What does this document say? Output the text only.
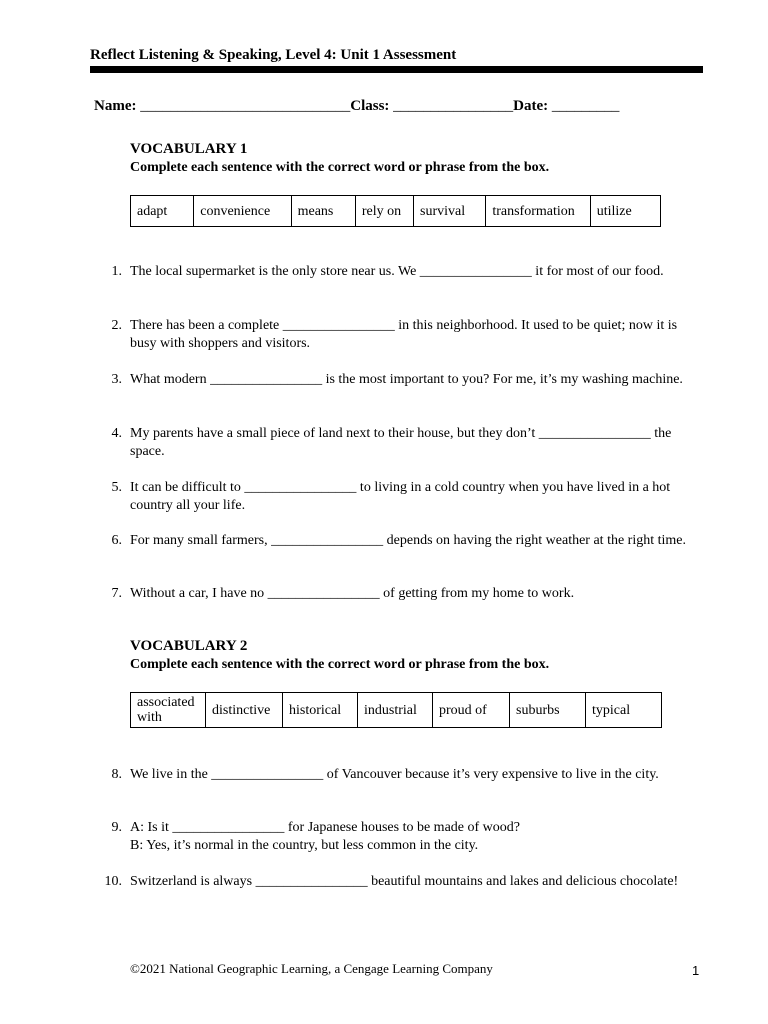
Reflect Listening & Speaking, Level 4: Unit 1 Assessment
Name: ____________________________Class: ________________Date: _________
VOCABULARY 1
Complete each sentence with the correct word or phrase from the box.
adapt	convenience	means	rely on	survival	transformation	utilize
1. The local supermarket is the only store near us. We ________________ it for most of our food.
2. There has been a complete ________________ in this neighborhood. It used to be quiet; now it is busy with shoppers and visitors.
3. What modern ________________ is the most important to you? For me, it’s my washing machine.
4. My parents have a small piece of land next to their house, but they don’t ________________ the space.
5. It can be difficult to ________________ to living in a cold country when you have lived in a hot country all your life.
6. For many small farmers, ________________ depends on having the right weather at the right time.
7. Without a car, I have no ________________ of getting from my home to work.
VOCABULARY 2
Complete each sentence with the correct word or phrase from the box.
associated with	distinctive	historical	industrial	proud of	suburbs	typical
8. We live in the ________________ of Vancouver because it’s very expensive to live in the city.
9. A: Is it ________________ for Japanese houses to be made of wood?
B: Yes, it’s normal in the country, but less common in the city.
10. Switzerland is always ________________ beautiful mountains and lakes and delicious chocolate!
©2021 National Geographic Learning, a Cengage Learning Company	1
